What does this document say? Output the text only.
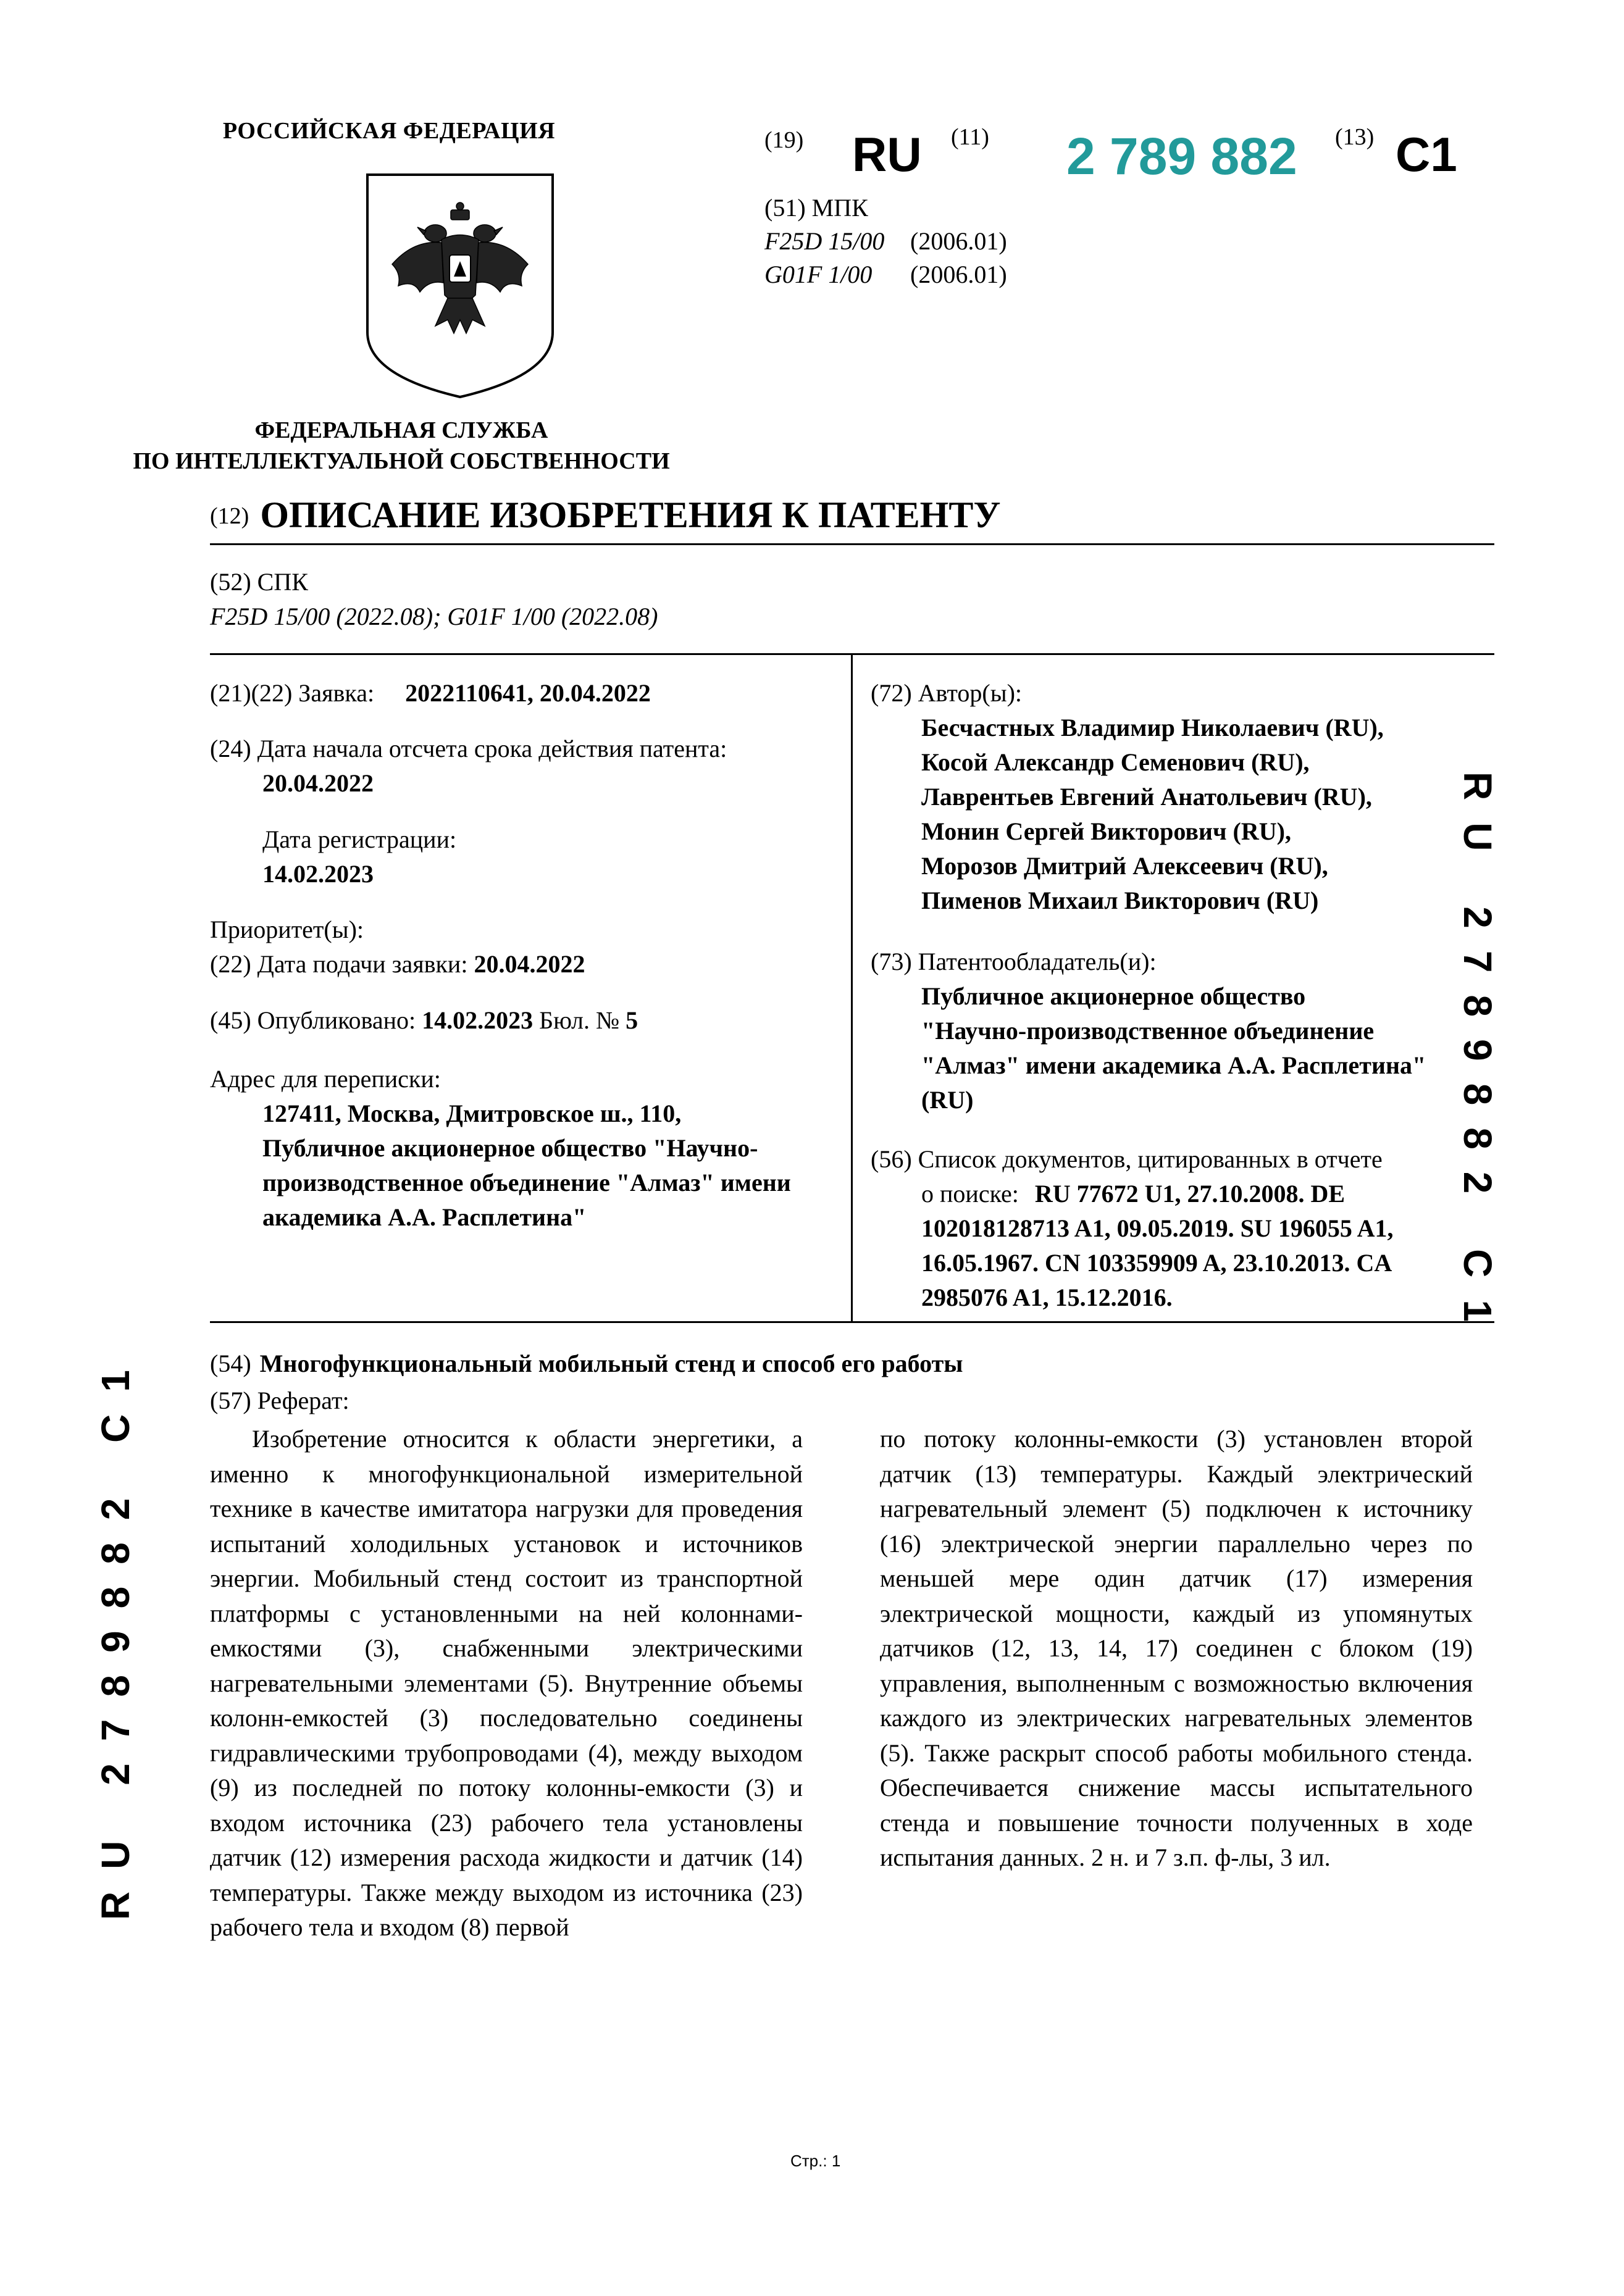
РОССИЙСКАЯ ФЕДЕРАЦИЯ
ФЕДЕРАЛЬНАЯ СЛУЖБА
ПО ИНТЕЛЛЕКТУАЛЬНОЙ СОБСТВЕННОСТИ
(19) RU (11) 2 789 882 (13) C1
(51) МПК
F25D 15/00 (2006.01)
G01F 1/00 (2006.01)
(12) ОПИСАНИЕ ИЗОБРЕТЕНИЯ К ПАТЕНТУ
(52) СПК
F25D 15/00 (2022.08); G01F 1/00 (2022.08)
(21)(22) Заявка: 2022110641, 20.04.2022
(24) Дата начала отсчета срока действия патента:
20.04.2022
Дата регистрации:
14.02.2023
Приоритет(ы):
(22) Дата подачи заявки: 20.04.2022
(45) Опубликовано: 14.02.2023 Бюл. № 5
Адрес для переписки:
127411, Москва, Дмитровское ш., 110,
Публичное акционерное общество "Научно-
производственное объединение "Алмаз" имени
академика А.А. Расплетина"
(72) Автор(ы):
Бесчастных Владимир Николаевич (RU),
Косой Александр Семенович (RU),
Лаврентьев Евгений Анатольевич (RU),
Монин Сергей Викторович (RU),
Морозов Дмитрий Алексеевич (RU),
Пименов Михаил Викторович (RU)
(73) Патентообладатель(и):
Публичное акционерное общество
"Научно-производственное объединение
"Алмаз" имени академика А.А. Расплетина"
(RU)
(56) Список документов, цитированных в отчете
о поиске: RU 77672 U1, 27.10.2008. DE
102018128713 A1, 09.05.2019. SU 196055 A1,
16.05.1967. CN 103359909 A, 23.10.2013. CA
2985076 A1, 15.12.2016.	RU 2789882 C1
RU 2789882 C1	(54) Многофункциональный мобильный стенд и способ его работы
(57) Реферат:
Изобретение относится к области энергетики, а именно к многофункциональной измерительной технике в качестве имитатора нагрузки для проведения испытаний холодильных установок и источников энергии. Мобильный стенд состоит из транспортной платформы с установленными на ней колоннами-емкостями (3), снабженными электрическими нагревательными элементами (5). Внутренние объемы колонн-емкостей (3) последовательно соединены гидравлическими трубопроводами (4), между выходом (9) из последней по потоку колонны-емкости (3) и входом источника (23) рабочего тела установлены датчик (12) измерения расхода жидкости и датчик (14) температуры. Также между выходом из источника (23) рабочего тела и входом (8) первой
по потоку колонны-емкости (3) установлен второй датчик (13) температуры. Каждый электрический нагревательный элемент (5) подключен к источнику (16) электрической энергии параллельно через по меньшей мере один датчик (17) измерения электрической мощности, каждый из упомянутых датчиков (12, 13, 14, 17) соединен с блоком (19) управления, выполненным с возможностью включения каждого из электрических нагревательных элементов (5). Также раскрыт способ работы мобильного стенда. Обеспечивается снижение массы испытательного стенда и повышение точности полученных в ходе испытания данных. 2 н. и 7 з.п. ф-лы, 3 ил.
Стр.: 1
